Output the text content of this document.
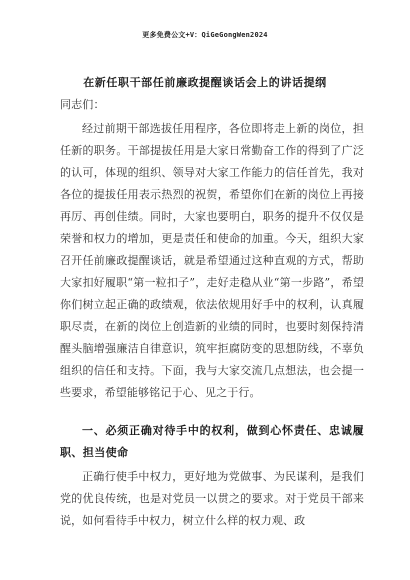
更多免费公文+V：QiGeGongWen2024
在新任职干部任前廉政提醒谈话会上的讲话提纲
同志们：
经过前期干部选拔任用程序，各位即将走上新的岗位，担任新的职务。干部提拔任用是大家日常勤奋工作的得到了广泛的认可，体现的组织、领导对大家工作能力的信任首先，我对各位的提拔任用表示热烈的祝贺，希望你们在新的岗位上再接再厉、再创佳绩。同时，大家也要明白，职务的提升不仅仅是荣誉和权力的增加，更是责任和使命的加重。今天，组织大家召开任前廉政提醒谈话，就是希望通过这种直观的方式，帮助大家扣好履职“第一粒扣子”，走好走稳从业“第一步路”，希望你们树立起正确的政绩观，依法依规用好手中的权利，认真履职尽责，在新的岗位上创造新的业绩的同时，也要时刻保持清醒头脑增强廉洁自律意识，筑牢拒腐防变的思想防线，不辜负组织的信任和支持。下面，我与大家交流几点想法，也会提一些要求，希望能够铭记于心、见之于行。
一、必须正确对待手中的权利，做到心怀责任、忠诚履职、担当使命
正确行使手中权力，更好地为党做事、为民谋利，是我们党的优良传统，也是对党员一以贯之的要求。对于党员干部来说，如何看待手中权力，树立什么样的权力观、政
